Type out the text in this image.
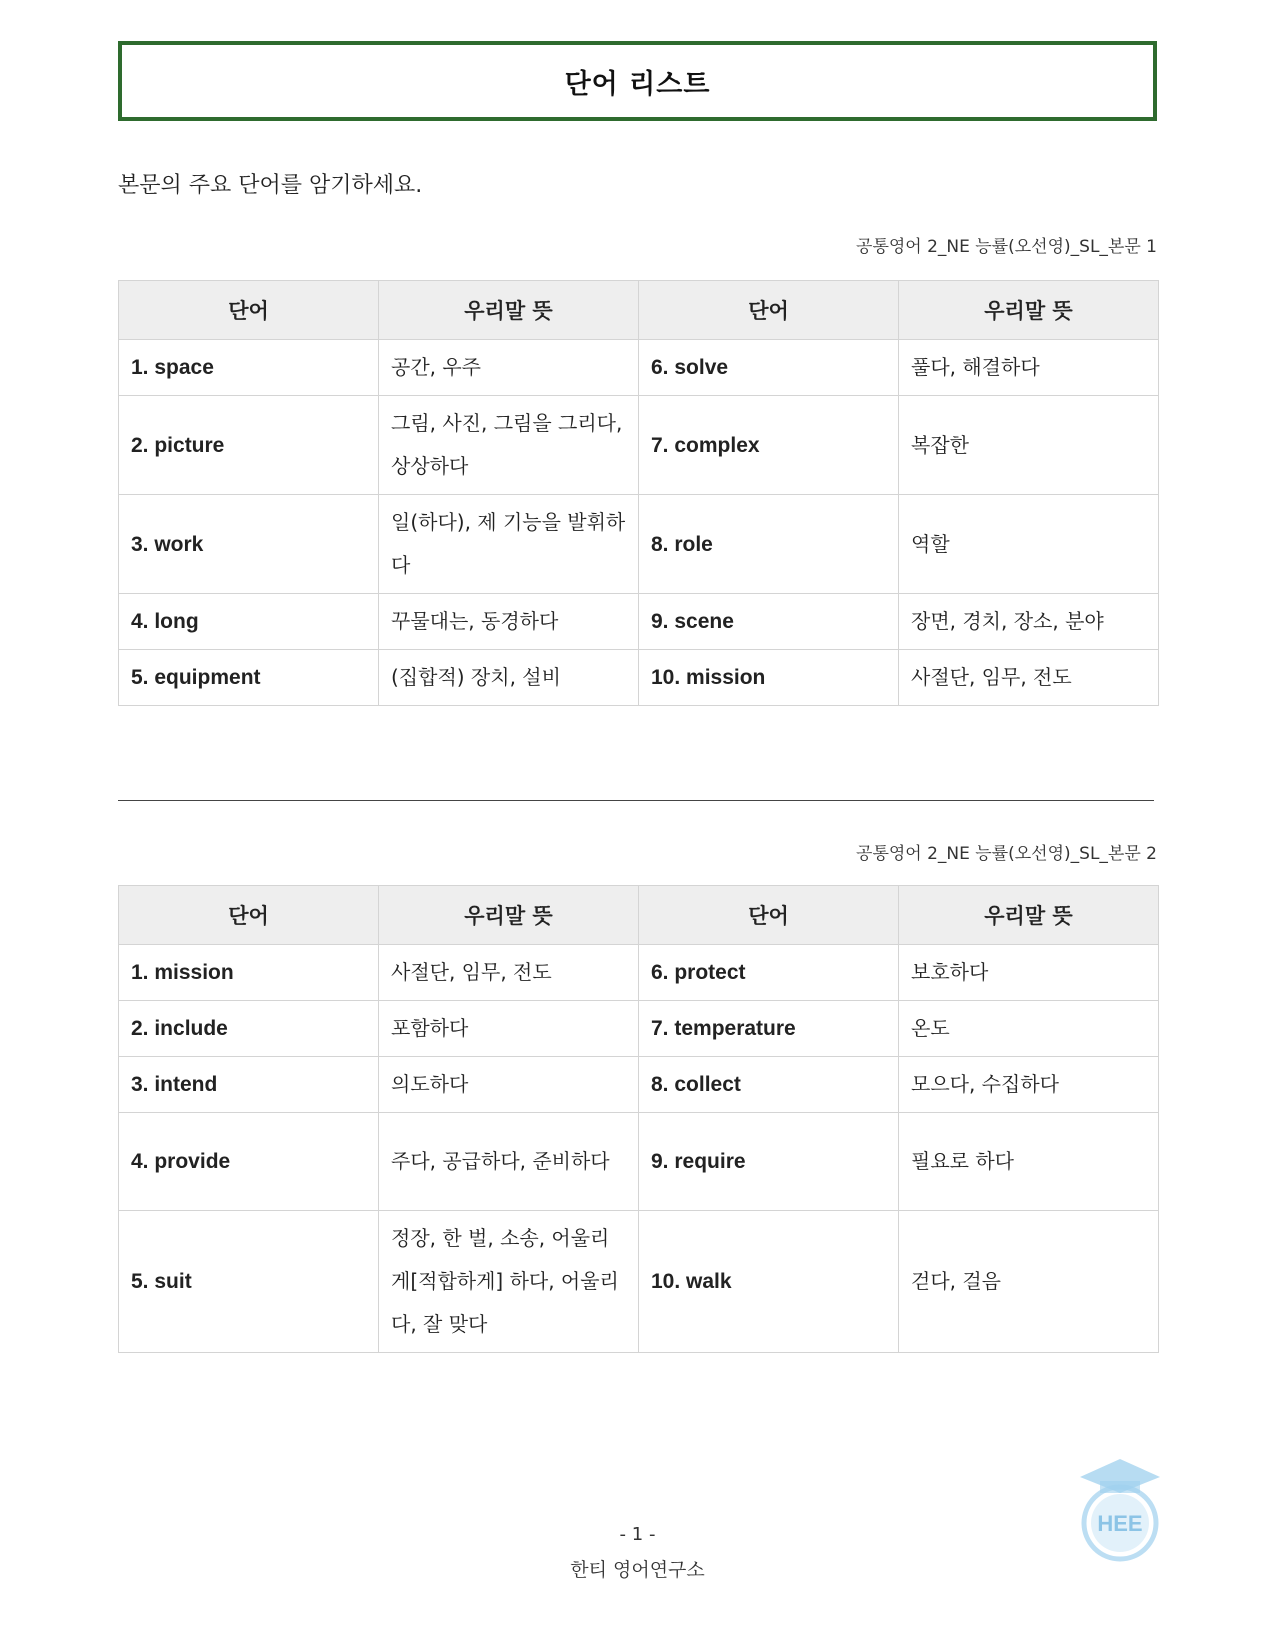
단어 리스트
본문의 주요 단어를 암기하세요.
공통영어 2_NE 능률(오선영)_SL_본문 1
단어	우리말 뜻	단어	우리말 뜻
1. space	공간, 우주	6. solve	풀다, 해결하다
2. picture	그림, 사진, 그림을 그리다, 상상하다	7. complex	복잡한
3. work	일(하다), 제 기능을 발휘하다	8. role	역할
4. long	꾸물대는, 동경하다	9. scene	장면, 경치, 장소, 분야
5. equipment	(집합적) 장치, 설비	10. mission	사절단, 임무, 전도
공통영어 2_NE 능률(오선영)_SL_본문 2
단어	우리말 뜻	단어	우리말 뜻
1. mission	사절단, 임무, 전도	6. protect	보호하다
2. include	포함하다	7. temperature	온도
3. intend	의도하다	8. collect	모으다, 수집하다
4. provide	주다, 공급하다, 준비하다	9. require	필요로 하다
5. suit	정장, 한 벌, 소송, 어울리게[적합하게] 하다, 어울리다, 잘 맞다	10. walk	걷다, 걸음
HEE
- 1 -
한티 영어연구소
